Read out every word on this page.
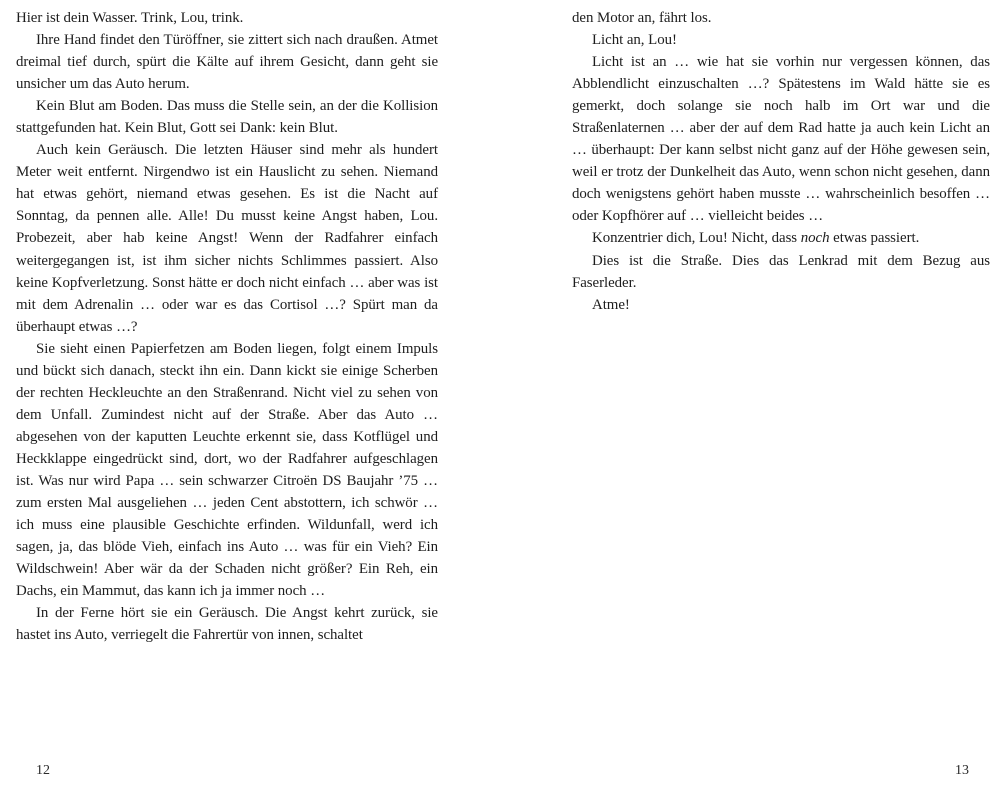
Hier ist dein Wasser. Trink, Lou, trink.

Ihre Hand findet den Türöffner, sie zittert sich nach draußen. Atmet dreimal tief durch, spürt die Kälte auf ihrem Gesicht, dann geht sie unsicher um das Auto herum.

Kein Blut am Boden. Das muss die Stelle sein, an der die Kollision stattgefunden hat. Kein Blut, Gott sei Dank: kein Blut.

Auch kein Geräusch. Die letzten Häuser sind mehr als hundert Meter weit entfernt. Nirgendwo ist ein Hauslicht zu sehen. Niemand hat etwas gehört, niemand etwas gesehen. Es ist die Nacht auf Sonntag, da pennen alle. Alle! Du musst keine Angst haben, Lou. Probezeit, aber hab keine Angst! Wenn der Radfahrer einfach weitergegangen ist, ist ihm sicher nichts Schlimmes passiert. Also keine Kopfverletzung. Sonst hätte er doch nicht einfach … aber was ist mit dem Adrenalin … oder war es das Cortisol …? Spürt man da überhaupt etwas …?

Sie sieht einen Papierfetzen am Boden liegen, folgt einem Impuls und bückt sich danach, steckt ihn ein. Dann kickt sie einige Scherben der rechten Heckleuchte an den Straßenrand. Nicht viel zu sehen von dem Unfall. Zumindest nicht auf der Straße. Aber das Auto … abgesehen von der kaputten Leuchte erkennt sie, dass Kotflügel und Heckklappe eingedrückt sind, dort, wo der Radfahrer aufgeschlagen ist. Was nur wird Papa … sein schwarzer Citroën DS Baujahr ’75 … zum ersten Mal ausgeliehen … jeden Cent abstottern, ich schwör … ich muss eine plausible Geschichte erfinden. Wildunfall, werd ich sagen, ja, das blöde Vieh, einfach ins Auto … was für ein Vieh? Ein Wildschwein! Aber wär da der Schaden nicht größer? Ein Reh, ein Dachs, ein Mammut, das kann ich ja immer noch …

In der Ferne hört sie ein Geräusch. Die Angst kehrt zurück, sie hastet ins Auto, verriegelt die Fahrertür von innen, schaltet

12

den Motor an, fährt los.

Licht an, Lou!

Licht ist an … wie hat sie vorhin nur vergessen können, das Abblendlicht einzuschalten …? Spätestens im Wald hätte sie es gemerkt, doch solange sie noch halb im Ort war und die Straßenlaternen … aber der auf dem Rad hatte ja auch kein Licht an … überhaupt: Der kann selbst nicht ganz auf der Höhe gewesen sein, weil er trotz der Dunkelheit das Auto, wenn schon nicht gesehen, dann doch wenigstens gehört haben musste … wahrscheinlich besoffen … oder Kopfhörer auf … vielleicht beides …

Konzentrier dich, Lou! Nicht, dass noch etwas passiert.

Dies ist die Straße. Dies das Lenkrad mit dem Bezug aus Faserleder.

Atme!

13
